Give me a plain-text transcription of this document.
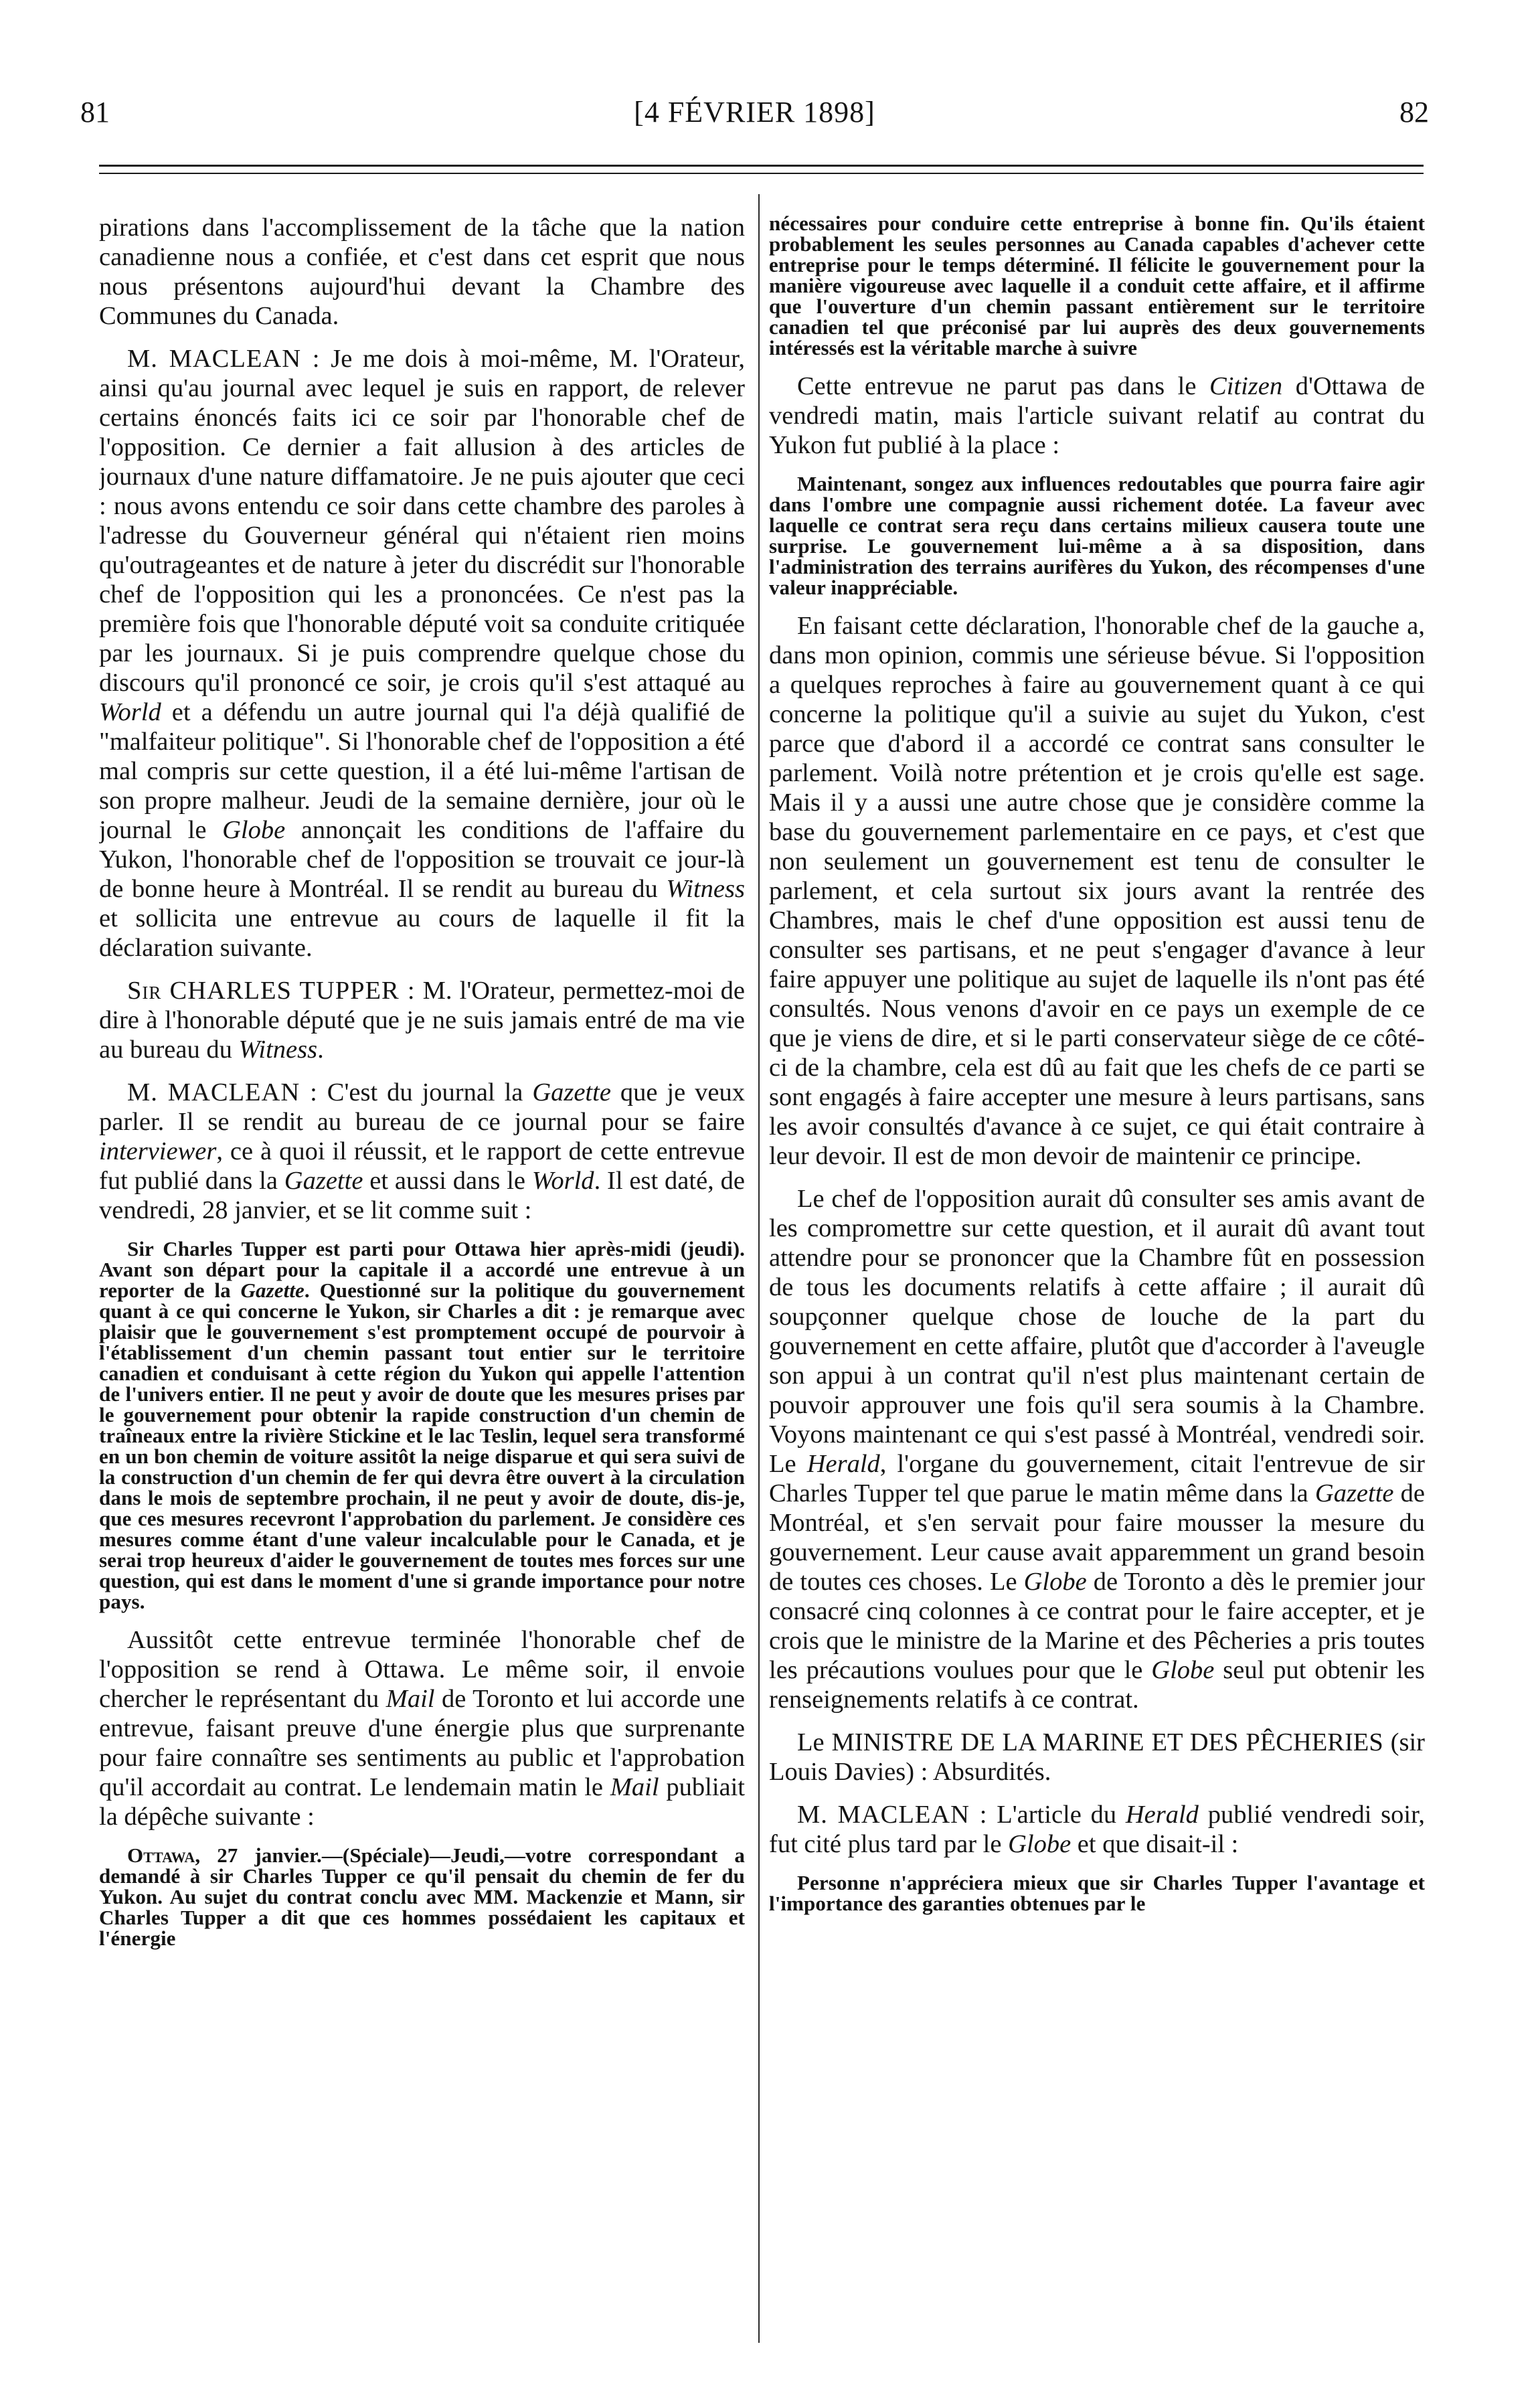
81	[4 FÉVRIER 1898]	82

pirations dans l'accomplissement de la tâche que la nation canadienne nous a confiée, et c'est dans cet esprit que nous nous présentons aujourd'hui devant la Chambre des Communes du Canada.

M. MACLEAN : Je me dois à moi-même, M. l'Orateur, ainsi qu'au journal avec lequel je suis en rapport, de relever certains énoncés faits ici ce soir par l'honorable chef de l'opposition. Ce dernier a fait allusion à des articles de journaux d'une nature diffamatoire. Je ne puis ajouter que ceci : nous avons entendu ce soir dans cette chambre des paroles à l'adresse du Gouverneur général qui n'étaient rien moins qu'outrageantes et de nature à jeter du discrédit sur l'honorable chef de l'opposition qui les a prononcées. Ce n'est pas la première fois que l'honorable député voit sa conduite critiquée par les journaux. Si je puis comprendre quelque chose du discours qu'il prononcé ce soir, je crois qu'il s'est attaqué au World et a défendu un autre journal qui l'a déjà qualifié de "malfaiteur politique". Si l'honorable chef de l'opposition a été mal compris sur cette question, il a été lui-même l'artisan de son propre malheur. Jeudi de la semaine dernière, jour où le journal le Globe annonçait les conditions de l'affaire du Yukon, l'honorable chef de l'opposition se trouvait ce jour-là de bonne heure à Montréal. Il se rendit au bureau du Witness et sollicita une entrevue au cours de laquelle il fit la déclaration suivante.

Sir CHARLES TUPPER : M. l'Orateur, permettez-moi de dire à l'honorable député que je ne suis jamais entré de ma vie au bureau du Witness.

M. MACLEAN : C'est du journal la Gazette que je veux parler. Il se rendit au bureau de ce journal pour se faire interviewer, ce à quoi il réussit, et le rapport de cette entrevue fut publié dans la Gazette et aussi dans le World. Il est daté, de vendredi, 28 janvier, et se lit comme suit :

Sir Charles Tupper est parti pour Ottawa hier après-midi (jeudi). Avant son départ pour la capitale il a accordé une entrevue à un reporter de la Gazette. Questionné sur la politique du gouvernement quant à ce qui concerne le Yukon, sir Charles a dit : je remarque avec plaisir que le gouvernement s'est promptement occupé de pourvoir à l'établissement d'un chemin passant tout entier sur le territoire canadien et conduisant à cette région du Yukon qui appelle l'attention de l'univers entier. Il ne peut y avoir de doute que les mesures prises par le gouvernement pour obtenir la rapide construction d'un chemin de traîneaux entre la rivière Stickine et le lac Teslin, lequel sera transformé en un bon chemin de voiture assitôt la neige disparue et qui sera suivi de la construction d'un chemin de fer qui devra être ouvert à la circulation dans le mois de septembre prochain, il ne peut y avoir de doute, dis-je, que ces mesures recevront l'approbation du parlement. Je considère ces mesures comme étant d'une valeur incalculable pour le Canada, et je serai trop heureux d'aider le gouvernement de toutes mes forces sur une question, qui est dans le moment d'une si grande importance pour notre pays.

Aussitôt cette entrevue terminée l'honorable chef de l'opposition se rend à Ottawa. Le même soir, il envoie chercher le représentant du Mail de Toronto et lui accorde une entrevue, faisant preuve d'une énergie plus que surprenante pour faire connaître ses sentiments au public et l'approbation qu'il accordait au contrat. Le lendemain matin le Mail publiait la dépêche suivante :

Ottawa, 27 janvier.—(Spéciale)—Jeudi,—votre correspondant a demandé à sir Charles Tupper ce qu'il pensait du chemin de fer du Yukon. Au sujet du contrat conclu avec MM. Mackenzie et Mann, sir Charles Tupper a dit que ces hommes possédaient les capitaux et l'énergie

nécessaires pour conduire cette entreprise à bonne fin. Qu'ils étaient probablement les seules personnes au Canada capables d'achever cette entreprise pour le temps déterminé. Il félicite le gouvernement pour la manière vigoureuse avec laquelle il a conduit cette affaire, et il affirme que l'ouverture d'un chemin passant entièrement sur le territoire canadien tel que préconisé par lui auprès des deux gouvernements intéressés est la véritable marche à suivre

Cette entrevue ne parut pas dans le Citizen d'Ottawa de vendredi matin, mais l'article suivant relatif au contrat du Yukon fut publié à la place :

Maintenant, songez aux influences redoutables que pourra faire agir dans l'ombre une compagnie aussi richement dotée. La faveur avec laquelle ce contrat sera reçu dans certains milieux causera toute une surprise. Le gouvernement lui-même a à sa disposition, dans l'administration des terrains aurifères du Yukon, des récompenses d'une valeur inappréciable.

En faisant cette déclaration, l'honorable chef de la gauche a, dans mon opinion, commis une sérieuse bévue. Si l'opposition a quelques reproches à faire au gouvernement quant à ce qui concerne la politique qu'il a suivie au sujet du Yukon, c'est parce que d'abord il a accordé ce contrat sans consulter le parlement. Voilà notre prétention et je crois qu'elle est sage. Mais il y a aussi une autre chose que je considère comme la base du gouvernement parlementaire en ce pays, et c'est que non seulement un gouvernement est tenu de consulter le parlement, et cela surtout six jours avant la rentrée des Chambres, mais le chef d'une opposition est aussi tenu de consulter ses partisans, et ne peut s'engager d'avance à leur faire appuyer une politique au sujet de laquelle ils n'ont pas été consultés. Nous venons d'avoir en ce pays un exemple de ce que je viens de dire, et si le parti conservateur siège de ce côté-ci de la chambre, cela est dû au fait que les chefs de ce parti se sont engagés à faire accepter une mesure à leurs partisans, sans les avoir consultés d'avance à ce sujet, ce qui était contraire à leur devoir. Il est de mon devoir de maintenir ce principe.

Le chef de l'opposition aurait dû consulter ses amis avant de les compromettre sur cette question, et il aurait dû avant tout attendre pour se prononcer que la Chambre fût en possession de tous les documents relatifs à cette affaire ; il aurait dû soupçonner quelque chose de louche de la part du gouvernement en cette affaire, plutôt que d'accorder à l'aveugle son appui à un contrat qu'il n'est plus maintenant certain de pouvoir approuver une fois qu'il sera soumis à la Chambre. Voyons maintenant ce qui s'est passé à Montréal, vendredi soir. Le Herald, l'organe du gouvernement, citait l'entrevue de sir Charles Tupper tel que parue le matin même dans la Gazette de Montréal, et s'en servait pour faire mousser la mesure du gouvernement. Leur cause avait apparemment un grand besoin de toutes ces choses. Le Globe de Toronto a dès le premier jour consacré cinq colonnes à ce contrat pour le faire accepter, et je crois que le ministre de la Marine et des Pêcheries a pris toutes les précautions voulues pour que le Globe seul put obtenir les renseignements relatifs à ce contrat.

Le MINISTRE DE LA MARINE ET DES PÊCHERIES (sir Louis Davies) : Absurdités.

M. MACLEAN : L'article du Herald publié vendredi soir, fut cité plus tard par le Globe et que disait-il :

Personne n'appréciera mieux que sir Charles Tupper l'avantage et l'importance des garanties obtenues par le
